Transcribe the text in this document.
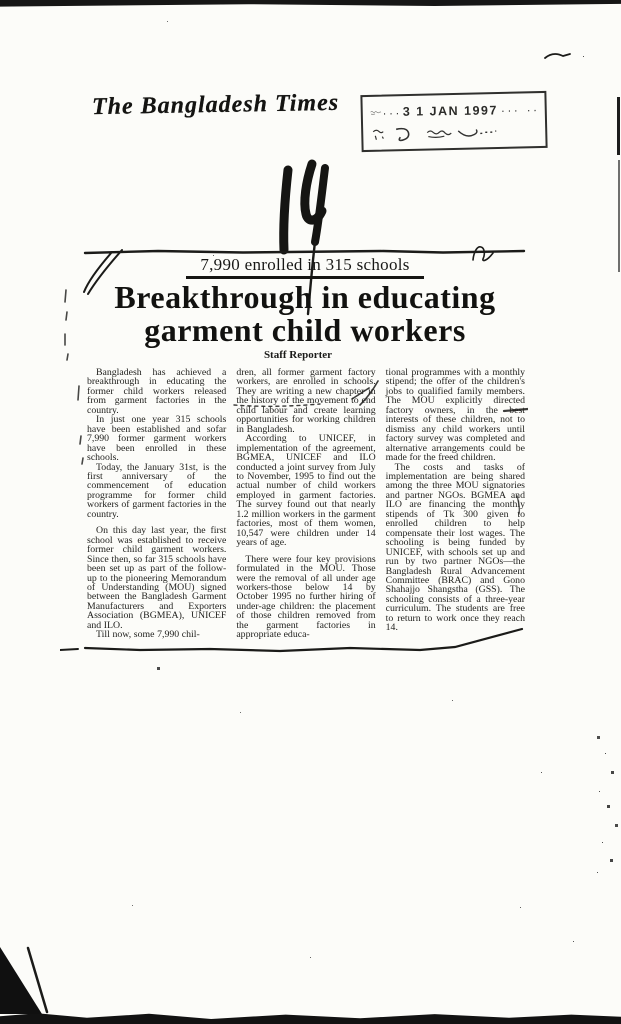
The Bangladesh Times	... 3 1 JAN 1997 ... ..
7,990 enrolled in 315 schools
Breakthrough in educating
garment child workers
Staff Reporter

Bangladesh has achieved a breakthrough in educating the former child workers released from garment factories in the country.

In just one year 315 schools have been established and sofar 7,990 former garment workers have been enrolled in these schools.

Today, the January 31st, is the first anniversary of the commencement of education programme for former child workers of garment factories in the country.

On this day last year, the first school was established to receive former child garment workers. Since then, so far 315 schools have been set up as part of the follow-up to the pioneering Memorandum of Understanding (MOU) signed between the Bangladesh Garment Manufacturers and Exporters Association (BGMEA), UNICEF and ILO.

Till now, some 7,990 chil-

dren, all former garment factory workers, are enrolled in schools. They are writing a new chapter in the history of the movement to end child labour and create learning opportunities for working children in Bangladesh.

According to UNICEF, in implementation of the agreement, BGMEA, UNICEF and ILO conducted a joint survey from July to November, 1995 to find out the actual number of child workers employed in garment factories. The survey found out that nearly 1.2 million workers in the garment factories, most of them women, 10,547 were children under 14 years of age.

There were four key provisions formulated in the MOU. Those were the removal of all under age workers-those below 14 by October 1995 no further hiring of under-age children: the placement of those children removed from the garment factories in appropriate educa-

tional programmes with a monthly stipend; the offer of the children's jobs to qualified family members. The MOU explicitly directed factory owners, in the best interests of these children, not to dismiss any child workers until factory survey was completed and alternative arrangements could be made for the freed children.

The costs and tasks of implementation are being shared among the three MOU signatories and partner NGOs. BGMEA and ILO are financing the monthly stipends of Tk 300 given to enrolled children to help compensate their lost wages. The schooling is being funded by UNICEF, with schools set up and run by two partner NGOs—the Bangladesh Rural Advancement Committee (BRAC) and Gono Shahajjo Shangstha (GSS). The schooling consists of a three-year curriculum. The students are free to return to work once they reach 14.
